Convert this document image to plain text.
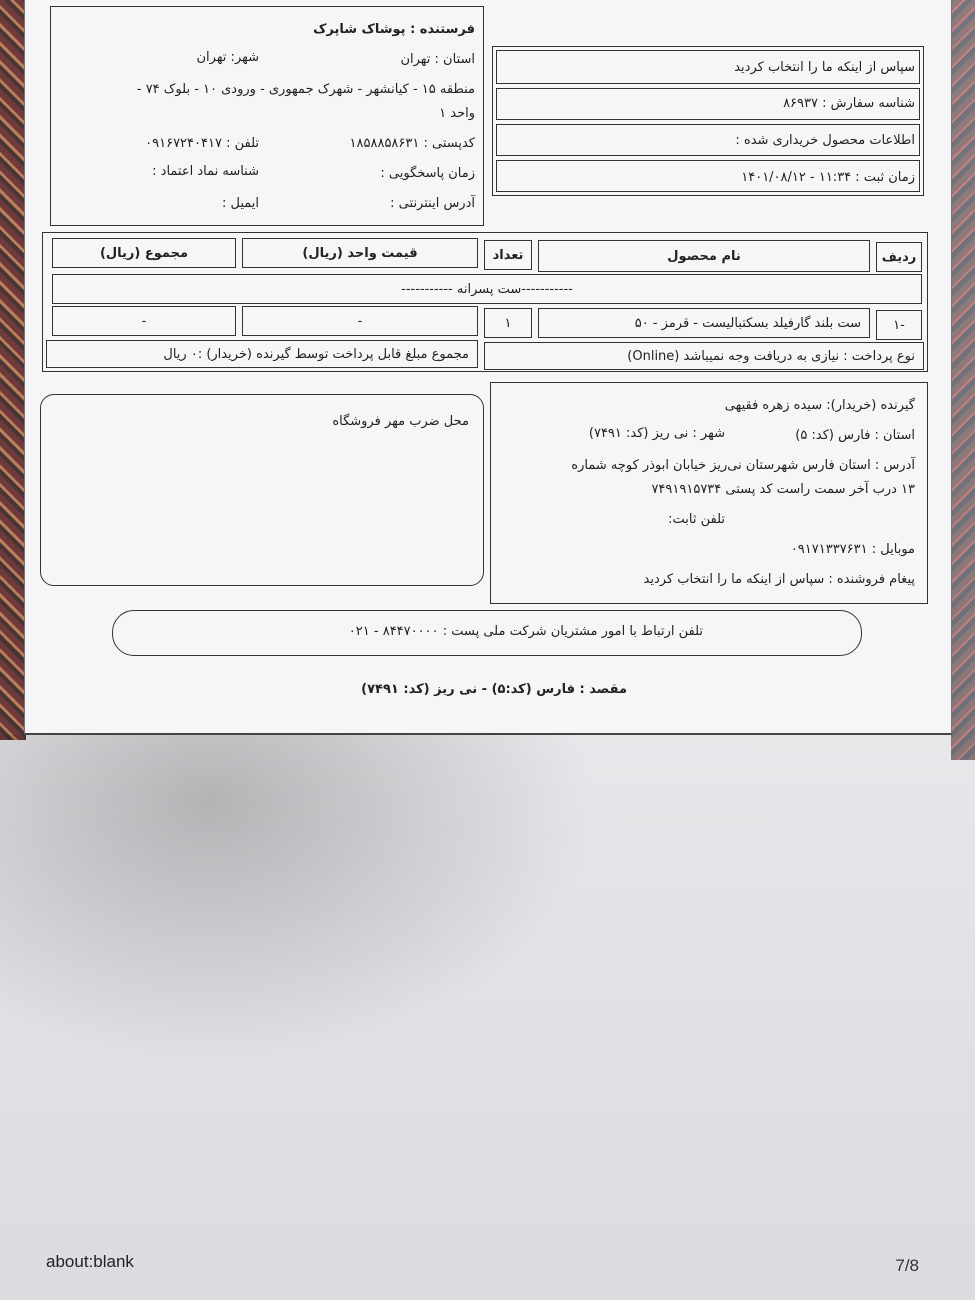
فرستنده : پوشاک شاپرک
استان : تهران
شهر: تهران
منطقه ۱۵ - کیانشهر - شهرک جمهوری - ورودی ۱۰ - بلوک ۷۴ -
واحد ۱
کدپستی : ۱۸۵۸۸۵۸۶۳۱
تلفن : ۰۹۱۶۷۲۴۰۴۱۷
زمان پاسخگویی :
شناسه نماد اعتماد :
آدرس اینترنتی :
ایمیل :
سپاس از اینکه ما را انتخاب کردید
شناسه سفارش : ۸۶۹۳۷
اطلاعات محصول خریداری شده :
زمان ثبت : ۱۱:۳۴ - ۱۴۰۱/۰۸/۱۲
ردیف
نام محصول
تعداد
قیمت واحد (ریال)
مجموع (ریال)
-----------ست پسرانه -----------
-۱
ست بلند گارفیلد بسکتبالیست - قرمز - ۵۰
۱
-
-
نوع پرداخت : نیازی به دریافت وجه نمیباشد (Online)
مجموع مبلغ قابل پرداخت توسط گیرنده (خریدار) :۰ ریال
گیرنده (خریدار): سیده زهره فقیهی
استان : فارس (کد: ۵)
شهر : نی ریز (کد: ۷۴۹۱)
آدرس : استان فارس شهرستان نی‌ریز خیابان ابوذر کوچه شماره
۱۳ درب آخر سمت راست کد پستی ۷۴۹۱۹۱۵۷۳۴
تلفن ثابت:
موبایل : ۰۹۱۷۱۳۳۷۶۳۱
پیغام فروشنده : سپاس از اینکه ما را انتخاب کردید
محل ضرب مهر فروشگاه
تلفن ارتباط با امور مشتریان شرکت ملی پست : ۸۴۴۷۰۰۰۰ - ۰۲۱
مقصد : فارس (کد:۵) - نی ریز (کد: ۷۴۹۱)
about:blank	7/8
